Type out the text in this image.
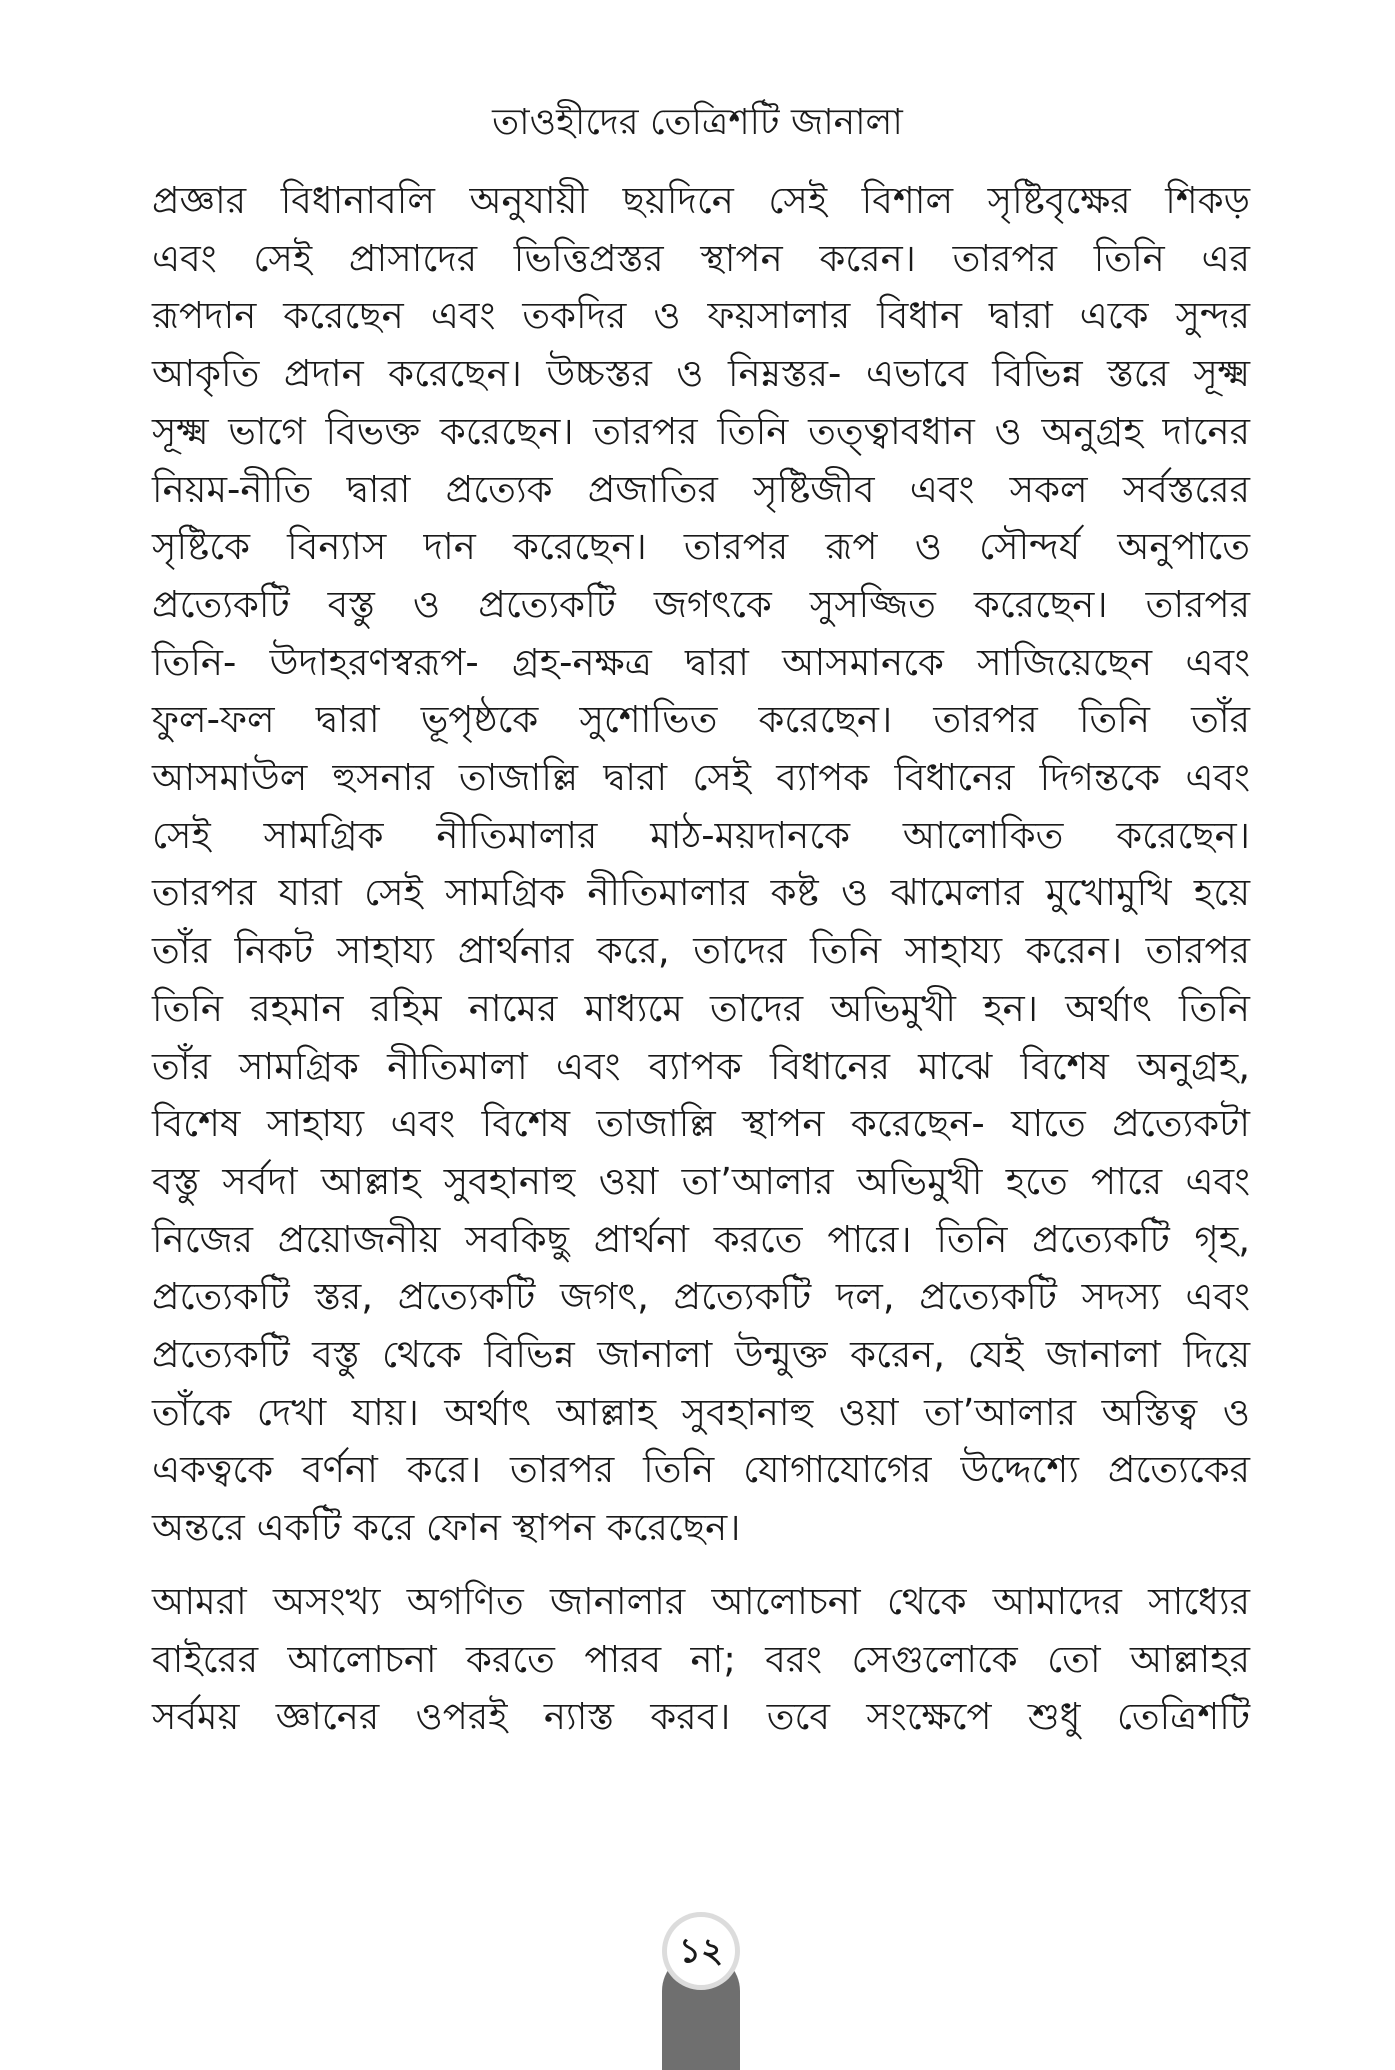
তাওহীদের তেত্রিশটি জানালা

প্রজ্ঞার বিধানাবলি অনুযায়ী ছয়দিনে সেই বিশাল সৃষ্টিবৃক্ষের শিকড়

এবং সেই প্রাসাদের ভিত্তিপ্রস্তর স্থাপন করেন। তারপর তিনি এর

রূপদান করেছেন এবং তকদির ও ফয়সালার বিধান দ্বারা একে সুন্দর

আকৃতি প্রদান করেছেন। উচ্চস্তর ও নিম্নস্তর- এভাবে বিভিন্ন স্তরে সূক্ষ্ম

সূক্ষ্ম ভাগে বিভক্ত করেছেন। তারপর তিনি তত্ত্বাবধান ও অনুগ্রহ দানের

নিয়ম-নীতি দ্বারা প্রত্যেক প্রজাতির সৃষ্টিজীব এবং সকল সর্বস্তরের

সৃষ্টিকে বিন্যাস দান করেছেন। তারপর রূপ ও সৌন্দর্য অনুপাতে

প্রত্যেকটি বস্তু ও প্রত্যেকটি জগৎকে সুসজ্জিত করেছেন। তারপর

তিনি- উদাহরণস্বরূপ- গ্রহ-নক্ষত্র দ্বারা আসমানকে সাজিয়েছেন এবং

ফুল-ফল দ্বারা ভূপৃষ্ঠকে সুশোভিত করেছেন। তারপর তিনি তাঁর

আসমাউল হুসনার তাজাল্লি দ্বারা সেই ব্যাপক বিধানের দিগন্তকে এবং

সেই সামগ্রিক নীতিমালার মাঠ-ময়দানকে আলোকিত করেছেন।

তারপর যারা সেই সামগ্রিক নীতিমালার কষ্ট ও ঝামেলার মুখোমুখি হয়ে

তাঁর নিকট সাহায্য প্রার্থনার করে, তাদের তিনি সাহায্য করেন। তারপর

তিনি রহমান রহিম নামের মাধ্যমে তাদের অভিমুখী হন। অর্থাৎ তিনি

তাঁর সামগ্রিক নীতিমালা এবং ব্যাপক বিধানের মাঝে বিশেষ অনুগ্রহ,

বিশেষ সাহায্য এবং বিশেষ তাজাল্লি স্থাপন করেছেন- যাতে প্রত্যেকটা

বস্তু সর্বদা আল্লাহ সুবহানাহু ওয়া তা’আলার অভিমুখী হতে পারে এবং

নিজের প্রয়োজনীয় সবকিছু প্রার্থনা করতে পারে। তিনি প্রত্যেকটি গৃহ,

প্রত্যেকটি স্তর, প্রত্যেকটি জগৎ, প্রত্যেকটি দল, প্রত্যেকটি সদস্য এবং

প্রত্যেকটি বস্তু থেকে বিভিন্ন জানালা উন্মুক্ত করেন, যেই জানালা দিয়ে

তাঁকে দেখা যায়। অর্থাৎ আল্লাহ সুবহানাহু ওয়া তা’আলার অস্তিত্ব ও

একত্বকে বর্ণনা করে। তারপর তিনি যোগাযোগের উদ্দেশ্যে প্রত্যেকের

অন্তরে একটি করে ফোন স্থাপন করেছেন।

আমরা অসংখ্য অগণিত জানালার আলোচনা থেকে আমাদের সাধ্যের

বাইরের আলোচনা করতে পারব না; বরং সেগুলোকে তো আল্লাহর

সর্বময় জ্ঞানের ওপরই ন্যাস্ত করব। তবে সংক্ষেপে শুধু তেত্রিশটি

১২
